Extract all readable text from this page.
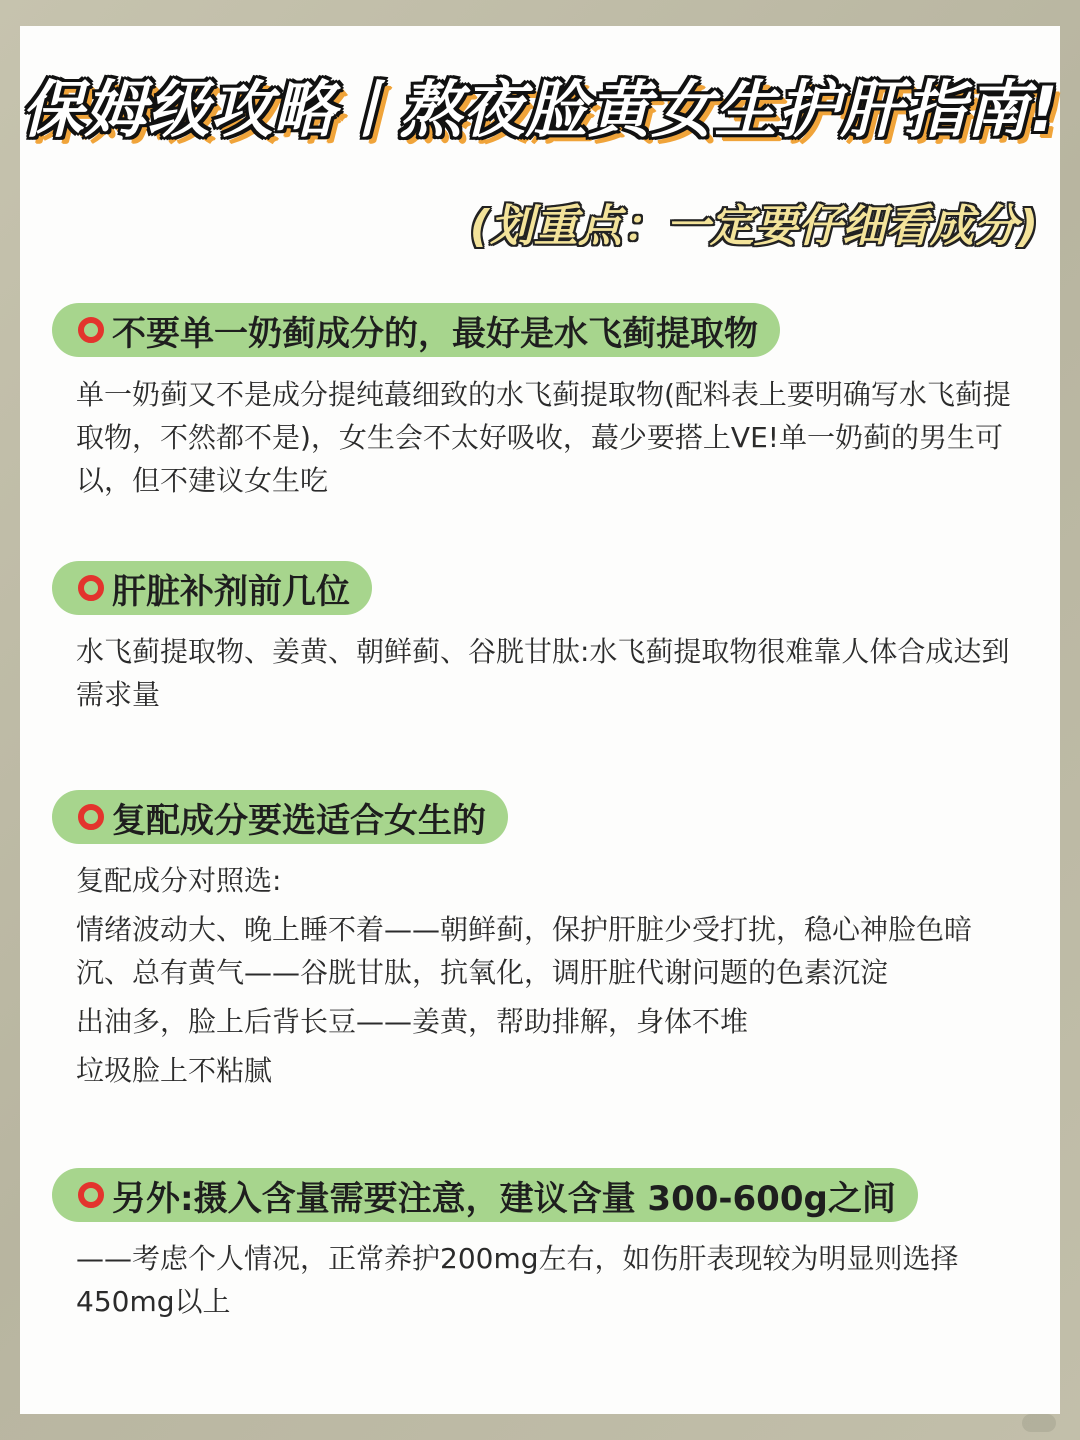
保姆级攻略丨熬夜脸黄女生护肝指南!
(划重点：一定要仔细看成分)
不要单一奶蓟成分的，最好是水飞蓟提取物

单一奶蓟又不是成分提纯蕞细致的水飞蓟提取物(配料表上要明确写水飞蓟提取物，不然都不是)，女生会不太好吸收，蕞少要搭上VE!单一奶蓟的男生可以，但不建议女生吃

肝脏补剂前几位

水飞蓟提取物、姜黄、朝鲜蓟、谷胱甘肽:水飞蓟提取物很难靠人体合成达到需求量

复配成分要选适合女生的

复配成分对照选:

情绪波动大、晚上睡不着——朝鲜蓟，保护肝脏少受打扰，稳心神脸色暗沉、总有黄气——谷胱甘肽，抗氧化，调肝脏代谢问题的色素沉淀

出油多，脸上后背长豆——姜黄，帮助排解，身体不堆

垃圾脸上不粘腻

另外:摄入含量需要注意，建议含量 300-600g之间

——考虑个人情况，正常养护200mg左右，如伤肝表现较为明显则选择450mg以上
